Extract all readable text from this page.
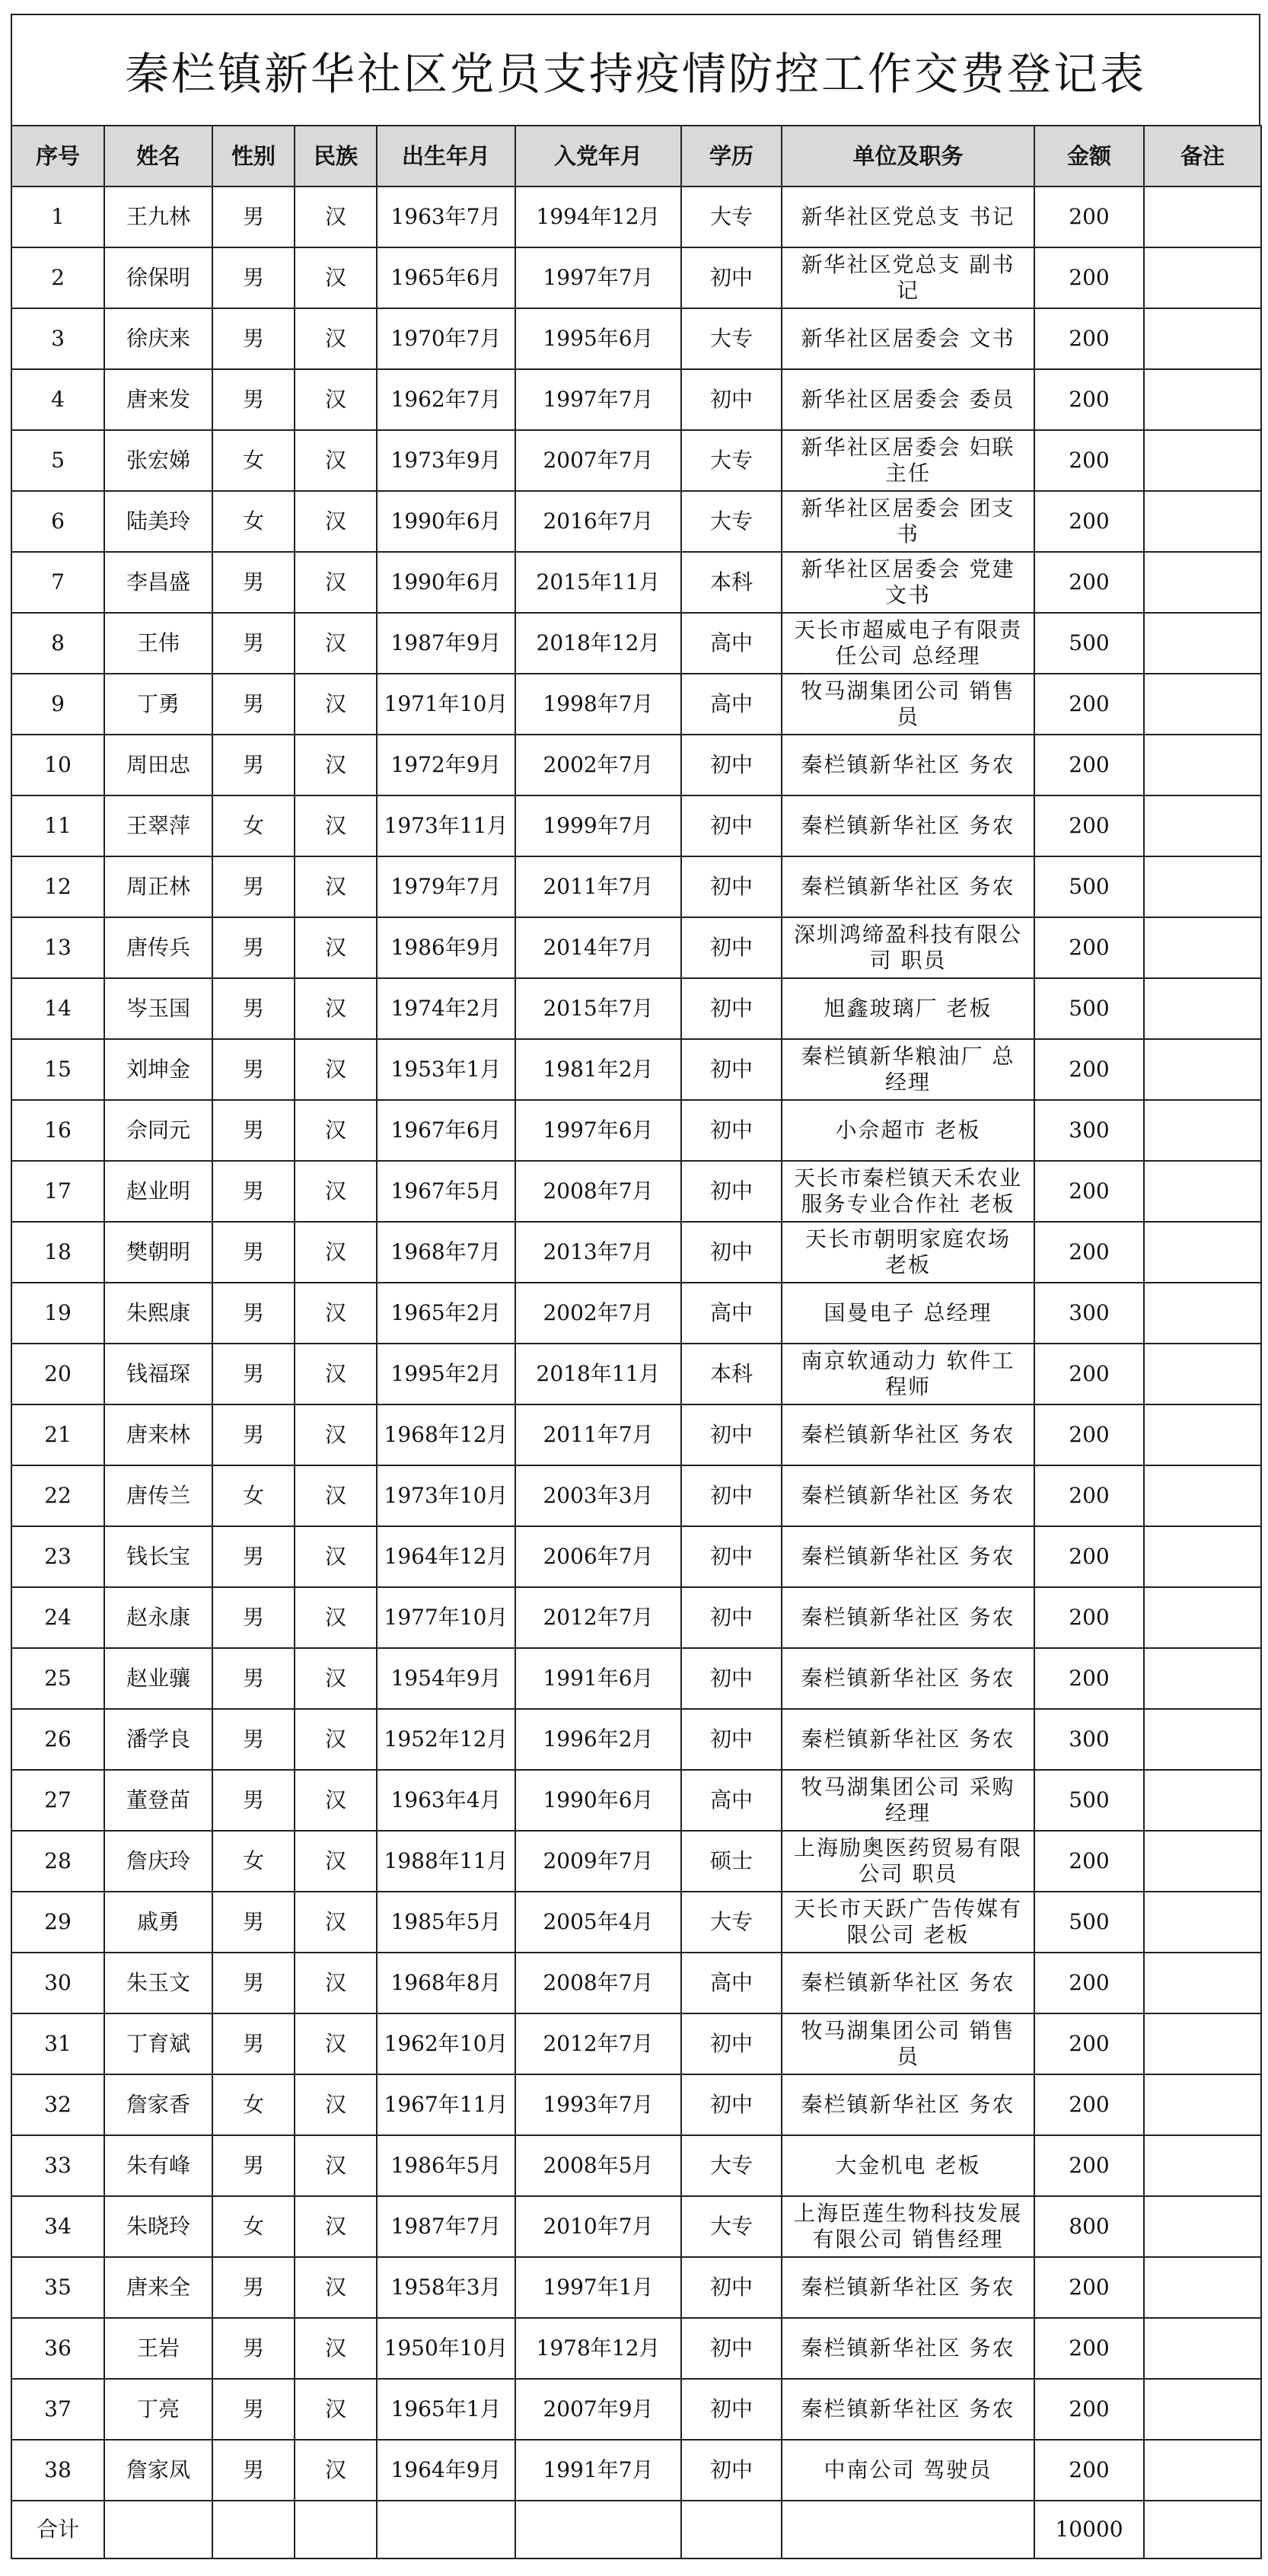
秦栏镇新华社区党员支持疫情防控工作交费登记表
序号	姓名	性别	民族	出生年月	入党年月	学历	单位及职务	金额	备注
1	王九林	男	汉	1963年7月	1994年12月	大专	新华社区党总支 书记	200	
2	徐保明	男	汉	1965年6月	1997年7月	初中	新华社区党总支 副书记	200	
3	徐庆来	男	汉	1970年7月	1995年6月	大专	新华社区居委会 文书	200	
4	唐来发	男	汉	1962年7月	1997年7月	初中	新华社区居委会 委员	200	
5	张宏娣	女	汉	1973年9月	2007年7月	大专	新华社区居委会 妇联主任	200	
6	陆美玲	女	汉	1990年6月	2016年7月	大专	新华社区居委会 团支书	200	
7	李昌盛	男	汉	1990年6月	2015年11月	本科	新华社区居委会 党建文书	200	
8	王伟	男	汉	1987年9月	2018年12月	高中	天长市超威电子有限责任公司 总经理	500	
9	丁勇	男	汉	1971年10月	1998年7月	高中	牧马湖集团公司 销售员	200	
10	周田忠	男	汉	1972年9月	2002年7月	初中	秦栏镇新华社区 务农	200	
11	王翠萍	女	汉	1973年11月	1999年7月	初中	秦栏镇新华社区 务农	200	
12	周正林	男	汉	1979年7月	2011年7月	初中	秦栏镇新华社区 务农	500	
13	唐传兵	男	汉	1986年9月	2014年7月	初中	深圳鸿缔盈科技有限公司 职员	200	
14	岑玉国	男	汉	1974年2月	2015年7月	初中	旭鑫玻璃厂 老板	500	
15	刘坤金	男	汉	1953年1月	1981年2月	初中	秦栏镇新华粮油厂 总经理	200	
16	佘同元	男	汉	1967年6月	1997年6月	初中	小佘超市 老板	300	
17	赵业明	男	汉	1967年5月	2008年7月	初中	天长市秦栏镇天禾农业服务专业合作社 老板	200	
18	樊朝明	男	汉	1968年7月	2013年7月	初中	天长市朝明家庭农场 老板	200	
19	朱熙康	男	汉	1965年2月	2002年7月	高中	国曼电子 总经理	300	
20	钱福琛	男	汉	1995年2月	2018年11月	本科	南京软通动力 软件工程师	200	
21	唐来林	男	汉	1968年12月	2011年7月	初中	秦栏镇新华社区 务农	200	
22	唐传兰	女	汉	1973年10月	2003年3月	初中	秦栏镇新华社区 务农	200	
23	钱长宝	男	汉	1964年12月	2006年7月	初中	秦栏镇新华社区 务农	200	
24	赵永康	男	汉	1977年10月	2012年7月	初中	秦栏镇新华社区 务农	200	
25	赵业骧	男	汉	1954年9月	1991年6月	初中	秦栏镇新华社区 务农	200	
26	潘学良	男	汉	1952年12月	1996年2月	初中	秦栏镇新华社区 务农	300	
27	董登苗	男	汉	1963年4月	1990年6月	高中	牧马湖集团公司 采购经理	500	
28	詹庆玲	女	汉	1988年11月	2009年7月	硕士	上海励奥医药贸易有限公司 职员	200	
29	戚勇	男	汉	1985年5月	2005年4月	大专	天长市天跃广告传媒有限公司 老板	500	
30	朱玉文	男	汉	1968年8月	2008年7月	高中	秦栏镇新华社区 务农	200	
31	丁育斌	男	汉	1962年10月	2012年7月	初中	牧马湖集团公司 销售员	200	
32	詹家香	女	汉	1967年11月	1993年7月	初中	秦栏镇新华社区 务农	200	
33	朱有峰	男	汉	1986年5月	2008年5月	大专	大金机电 老板	200	
34	朱晓玲	女	汉	1987年7月	2010年7月	大专	上海臣莲生物科技发展有限公司 销售经理	800	
35	唐来全	男	汉	1958年3月	1997年1月	初中	秦栏镇新华社区 务农	200	
36	王岩	男	汉	1950年10月	1978年12月	初中	秦栏镇新华社区 务农	200	
37	丁亮	男	汉	1965年1月	2007年9月	初中	秦栏镇新华社区 务农	200	
38	詹家凤	男	汉	1964年9月	1991年7月	初中	中南公司 驾驶员	200	
合计								10000	
